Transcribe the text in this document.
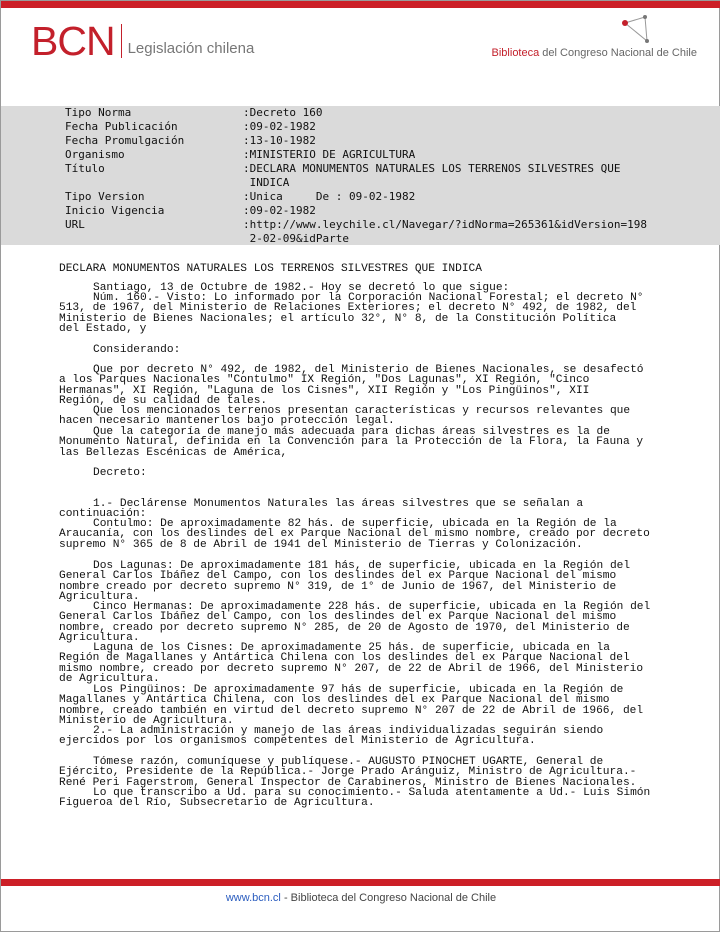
BCN Legislación chilena	Biblioteca del Congreso Nacional de Chile
Tipo Norma	:Decreto 160
Fecha Publicación	:09-02-1982
Fecha Promulgación	:13-10-1982
Organismo	:MINISTERIO DE AGRICULTURA
Título	:DECLARA MONUMENTOS NATURALES LOS TERRENOS SILVESTRES QUE
INDICA
Tipo Version	:Unica     De : 09-02-1982
Inicio Vigencia	:09-02-1982
URL	:http://www.leychile.cl/Navegar/?idNorma=265361&idVersion=198
2-02-09&idParte
DECLARA MONUMENTOS NATURALES LOS TERRENOS SILVESTRES QUE INDICA
Santiago, 13 de Octubre de 1982.- Hoy se decretó lo que sigue:
Núm. 160.- Visto: Lo informado por la Corporación Nacional Forestal; el decreto N°
513, de 1967, del Ministerio de Relaciones Exteriores; el decreto N° 492, de 1982, del
Ministerio de Bienes Nacionales; el artículo 32°, N° 8, de la Constitución Política
del Estado, y
Considerando:
Que por decreto N° 492, de 1982, del Ministerio de Bienes Nacionales, se desafectó
a los Parques Nacionales "Contulmo" IX Región, "Dos Lagunas", XI Región, "Cinco
Hermanas", XI Región, "Laguna de los Cisnes", XII Región y "Los Pingüinos", XII
Región, de su calidad de tales.
Que los mencionados terrenos presentan características y recursos relevantes que
hacen necesario mantenerlos bajo protección legal.
Que la categoría de manejo más adecuada para dichas áreas silvestres es la de
Monumento Natural, definida en la Convención para la Protección de la Flora, la Fauna y
las Bellezas Escénicas de América,
Decreto:
1.- Declárense Monumentos Naturales las áreas silvestres que se señalan a
continuación:
Contulmo: De aproximadamente 82 hás. de superficie, ubicada en la Región de la
Araucanía, con los deslindes del ex Parque Nacional del mismo nombre, creado por decreto
supremo N° 365 de 8 de Abril de 1941 del Ministerio de Tierras y Colonización.
Dos Lagunas: De aproximadamente 181 hás, de superficie, ubicada en la Región del
General Carlos Ibáñez del Campo, con los deslindes del ex Parque Nacional del mismo
nombre creado por decreto supremo N° 319, de 1° de Junio de 1967, del Ministerio de
Agricultura.
Cinco Hermanas: De aproximadamente 228 hás. de superficie, ubicada en la Región del
General Carlos Ibáñez del Campo, con los deslindes del ex Parque Nacional del mismo
nombre, creado por decreto supremo N° 285, de 20 de Agosto de 1970, del Ministerio de
Agricultura.
Laguna de los Cisnes: De aproximadamente 25 hás. de superficie, ubicada en la
Región de Magallanes y Antártica Chilena con los deslindes del ex Parque Nacional del
mismo nombre, creado por decreto supremo N° 207, de 22 de Abril de 1966, del Ministerio
de Agricultura.
Los Pingüinos: De aproximadamente 97 hás de superficie, ubicada en la Región de
Magallanes y Antártica Chilena, con los deslindes del ex Parque Nacional del mismo
nombre, creado también en virtud del decreto supremo N° 207 de 22 de Abril de 1966, del
Ministerio de Agricultura.
2.- La administración y manejo de las áreas individualizadas seguirán siendo
ejercidos por los organismos competentes del Ministerio de Agricultura.
Tómese razón, comuníquese y publíquese.- AUGUSTO PINOCHET UGARTE, General de
Ejército, Presidente de la República.- Jorge Prado Aránguiz, Ministro de Agricultura.-
René Peri Fagerstrom, General Inspector de Carabineros, Ministro de Bienes Nacionales.
Lo que transcribo a Ud. para su conocimiento.- Saluda atentamente a Ud.- Luis Simón
Figueroa del Río, Subsecretario de Agricultura.
www.bcn.cl - Biblioteca del Congreso Nacional de Chile
